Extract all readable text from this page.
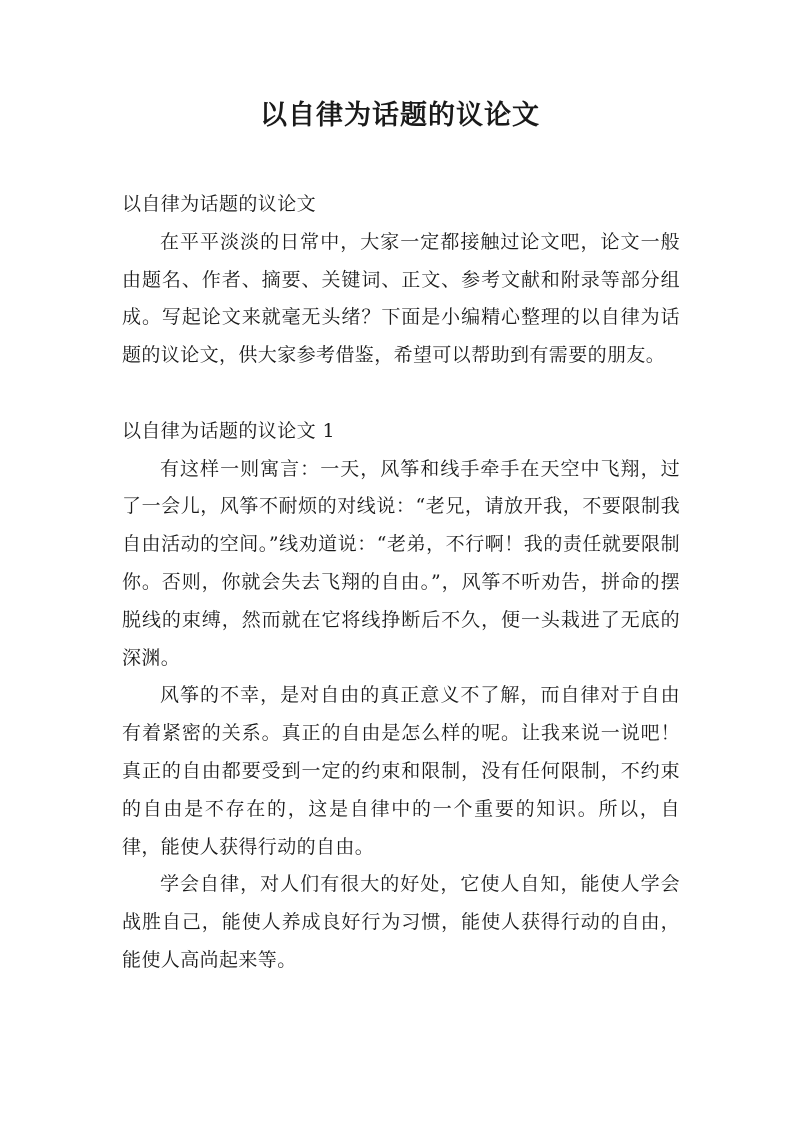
以自律为话题的议论文

以自律为话题的议论文

在平平淡淡的日常中，大家一定都接触过论文吧，论文一般由题名、作者、摘要、关键词、正文、参考文献和附录等部分组成。写起论文来就毫无头绪？下面是小编精心整理的以自律为话题的议论文，供大家参考借鉴，希望可以帮助到有需要的朋友。

以自律为话题的议论文 1

有这样一则寓言：一天，风筝和线手牵手在天空中飞翔，过了一会儿，风筝不耐烦的对线说：“老兄，请放开我，不要限制我自由活动的空间。”线劝道说：“老弟，不行啊！我的责任就要限制你。否则，你就会失去飞翔的自由。”，风筝不听劝告，拼命的摆脱线的束缚，然而就在它将线挣断后不久，便一头栽进了无底的深渊。

风筝的不幸，是对自由的真正意义不了解，而自律对于自由有着紧密的关系。真正的自由是怎么样的呢。让我来说一说吧！真正的自由都要受到一定的约束和限制，没有任何限制，不约束的自由是不存在的，这是自律中的一个重要的知识。所以，自律，能使人获得行动的自由。

学会自律，对人们有很大的好处，它使人自知，能使人学会战胜自己，能使人养成良好行为习惯，能使人获得行动的自由，能使人高尚起来等。
